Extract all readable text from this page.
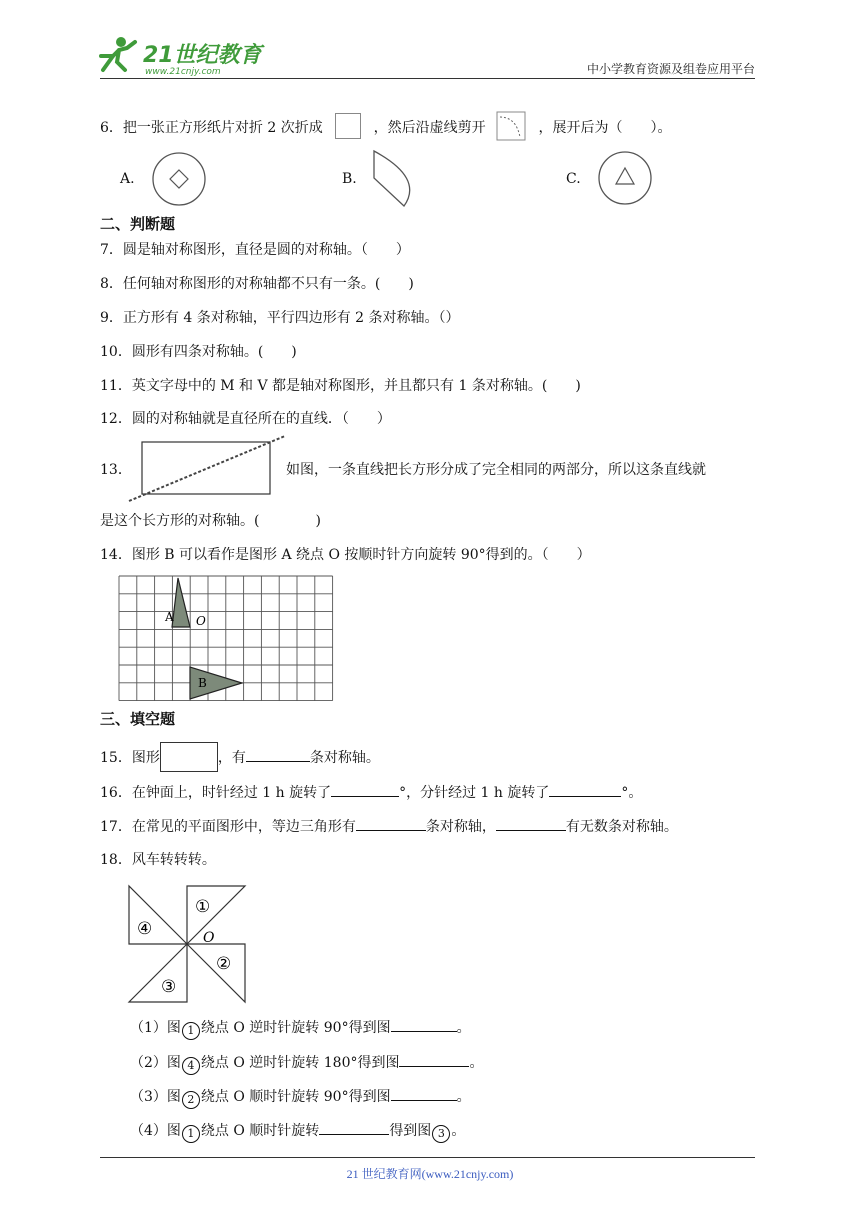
21世纪教育
www.21cnjy.com	中小学教育资源及组卷应用平台
6．把一张正方形纸片对折 2 次折成	，然后沿虚线剪开	，展开后为（　　）。
A.	B.	C.
二、判断题
7．圆是轴对称图形，直径是圆的对称轴。（　　）
8．任何轴对称图形的对称轴都不只有一条。(　　)
9．正方形有 4 条对称轴，平行四边形有 2 条对称轴。（）
10．圆形有四条对称轴。(　　)
11．英文字母中的 M 和 V 都是轴对称图形，并且都只有 1 条对称轴。(　　)
12．圆的对称轴就是直径所在的直线．（　　）
13．	如图，一条直线把长方形分成了完全相同的两部分，所以这条直线就
是这个长方形的对称轴。(　　　　)
14．图形 B 可以看作是图形 A 绕点 O 按顺时针方向旋转 90°得到的。（　　）
A O
B
三、填空题
15．图形	，有	条对称轴。
16．在钟面上，时针经过 1 h 旋转了	°，分针经过 1 h 旋转了	°。
17．在常见的平面图形中，等边三角形有	条对称轴，	有无数条对称轴。
18．风车转转转。
①
②
③
④	O
（1）图 1 绕点 O 逆时针旋转 90°得到图	。
（2）图 4 绕点 O 逆时针旋转 180°得到图	。
（3）图 2 绕点 O 顺时针旋转 90°得到图	。
（4）图 1 绕点 O 顺时针旋转	得到图 3 。
21 世纪教育网(www.21cnjy.com)
